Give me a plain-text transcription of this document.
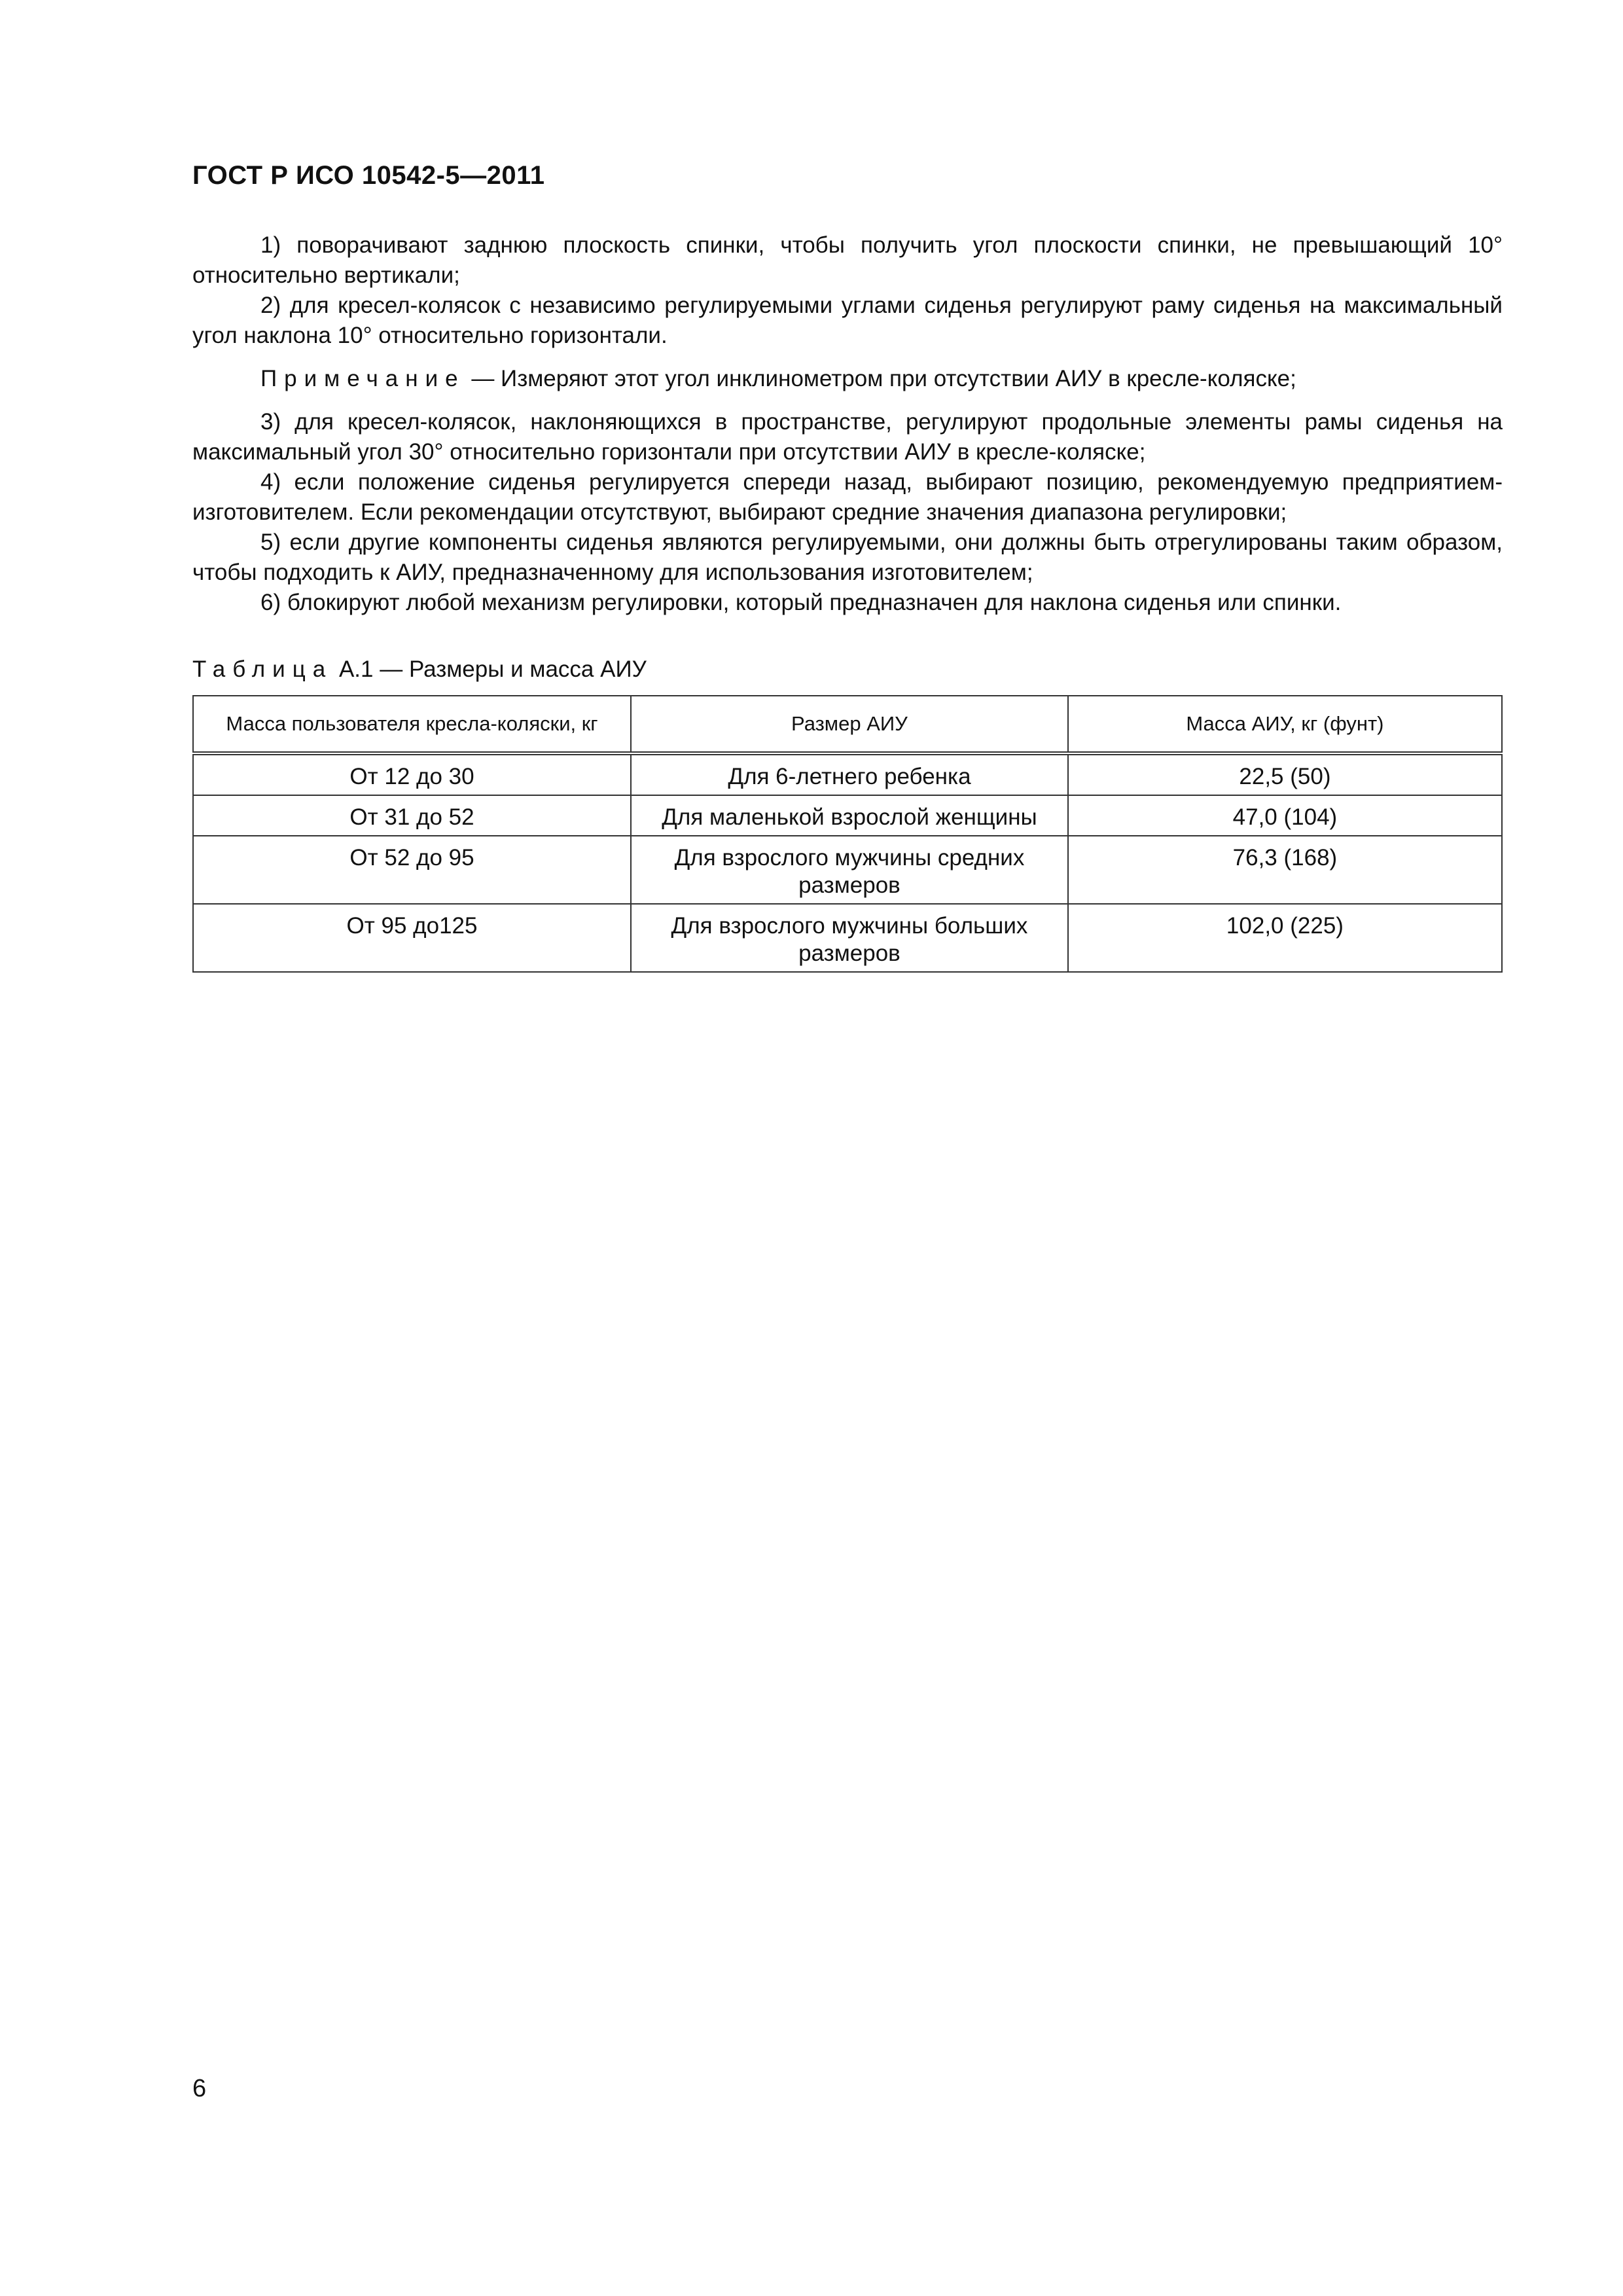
ГОСТ Р ИСО 10542-5—2011

1) поворачивают заднюю плоскость спинки, чтобы получить угол плоскости спинки, не превышающий 10° относительно вертикали;

2) для кресел-колясок с независимо регулируемыми углами сиденья регулируют раму сиденья на максимальный угол наклона 10° относительно горизонтали.

Примечание — Измеряют этот угол инклинометром при отсутствии АИУ в кресле-коляске;

3) для кресел-колясок, наклоняющихся в пространстве, регулируют продольные элементы рамы сиденья на максимальный угол 30° относительно горизонтали при отсутствии АИУ в кресле-коляске;

4) если положение сиденья регулируется спереди назад, выбирают позицию, рекомендуемую предприятием-изготовителем. Если рекомендации отсутствуют, выбирают средние значения диапазона регулировки;

5) если другие компоненты сиденья являются регулируемыми, они должны быть отрегулированы таким образом, чтобы подходить к АИУ, предназначенному для использования изготовителем;

6) блокируют любой механизм регулировки, который предназначен для наклона сиденья или спинки.

Таблица А.1 — Размеры и масса АИУ
Масса пользователя кресла-коляски, кг	Размер АИУ	Масса АИУ, кг (фунт)
От 12 до 30	Для 6-летнего ребенка	22,5 (50)
От 31 до 52	Для маленькой взрослой женщины	47,0 (104)
От 52 до 95	Для взрослого мужчины средних размеров	76,3 (168)
От 95 до125	Для взрослого мужчины больших размеров	102,0 (225)
6
